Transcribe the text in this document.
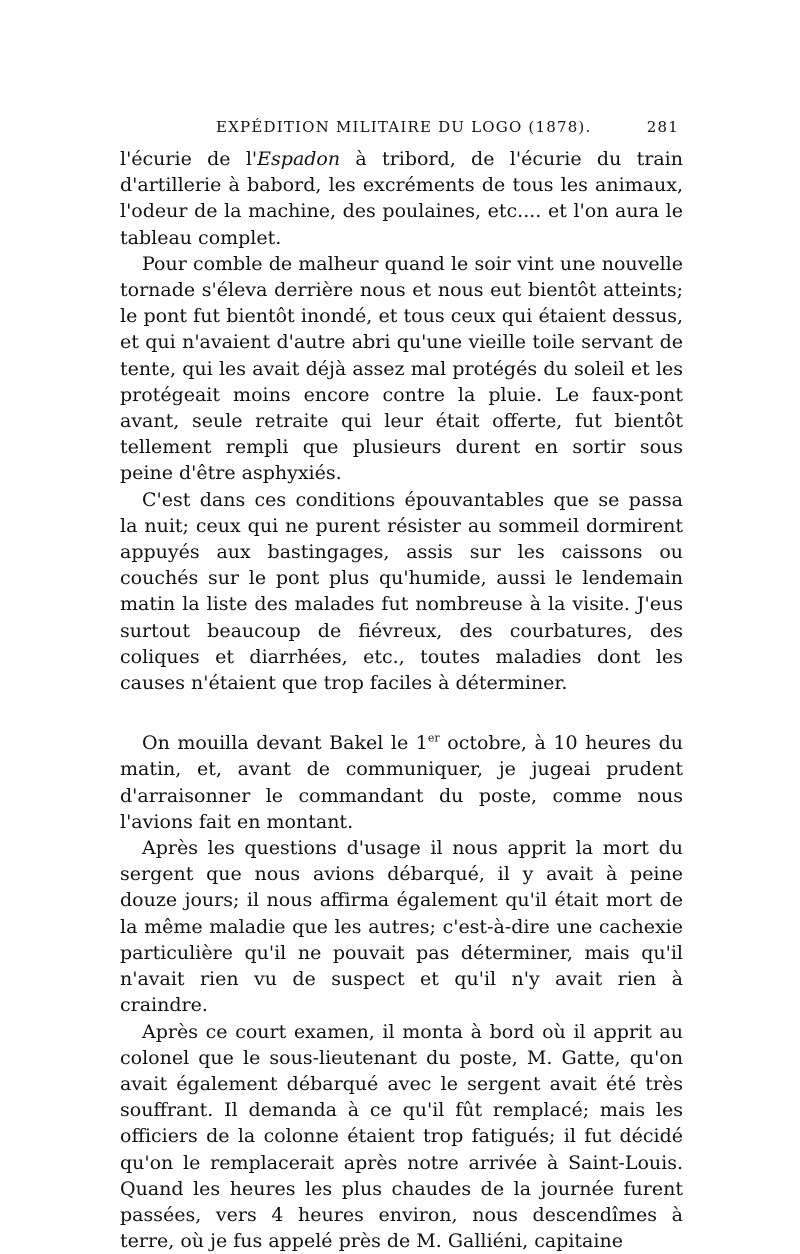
EXPÉDITION MILITAIRE DU LOGO (1878).	281

l'écurie de l'Espadon à tribord, de l'écurie du train d'artillerie à babord, les excréments de tous les animaux, l'odeur de la machine, des poulaines, etc.... et l'on aura le tableau complet.

Pour comble de malheur quand le soir vint une nouvelle tornade s'éleva derrière nous et nous eut bientôt atteints; le pont fut bientôt inondé, et tous ceux qui étaient dessus, et qui n'avaient d'autre abri qu'une vieille toile servant de tente, qui les avait déjà assez mal protégés du soleil et les protégeait moins encore contre la pluie. Le faux-pont avant, seule retraite qui leur était offerte, fut bientôt tellement rempli que plusieurs durent en sortir sous peine d'être asphyxiés.

C'est dans ces conditions épouvantables que se passa la nuit; ceux qui ne purent résister au sommeil dormirent appuyés aux bastingages, assis sur les caissons ou couchés sur le pont plus qu'humide, aussi le lendemain matin la liste des malades fut nombreuse à la visite. J'eus surtout beaucoup de fiévreux, des courbatures, des coliques et diarrhées, etc., toutes maladies dont les causes n'étaient que trop faciles à déterminer.

On mouilla devant Bakel le 1er octobre, à 10 heures du matin, et, avant de communiquer, je jugeai prudent d'arraisonner le commandant du poste, comme nous l'avions fait en montant.

Après les questions d'usage il nous apprit la mort du sergent que nous avions débarqué, il y avait à peine douze jours; il nous affirma également qu'il était mort de la même maladie que les autres; c'est-à-dire une cachexie particulière qu'il ne pouvait pas déterminer, mais qu'il n'avait rien vu de suspect et qu'il n'y avait rien à craindre.

Après ce court examen, il monta à bord où il apprit au colonel que le sous-lieutenant du poste, M. Gatte, qu'on avait également débarqué avec le sergent avait été très souffrant. Il demanda à ce qu'il fût remplacé; mais les officiers de la colonne étaient trop fatigués; il fut décidé qu'on le remplacerait après notre arrivée à Saint-Louis. Quand les heures les plus chaudes de la journée furent passées, vers 4 heures environ, nous descendîmes à terre, où je fus appelé près de M. Galliéni, capitaine
